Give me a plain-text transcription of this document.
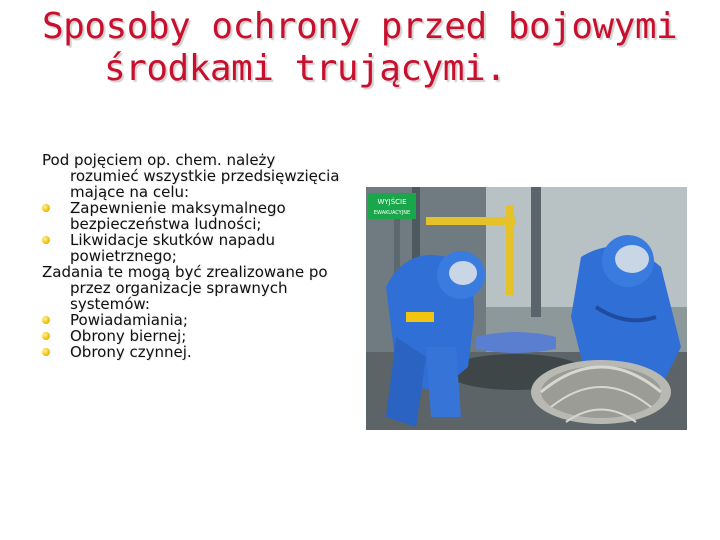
Sposoby ochrony przed bojowymi
środkami trującymi.

Pod pojęciem op. chem. należy
rozumieć wszystkie przedsięwzięcia mające na celu:

Zapewnienie maksymalnego bezpieczeństwa ludności;

Likwidacje skutków napadu powietrznego;

Zadania te mogą być zrealizowane po
przez organizacje sprawnych systemów:

Powiadamiania;

Obrony biernej;

Obrony czynnej.

WYJŚCIE
EWAKUACYJNE
